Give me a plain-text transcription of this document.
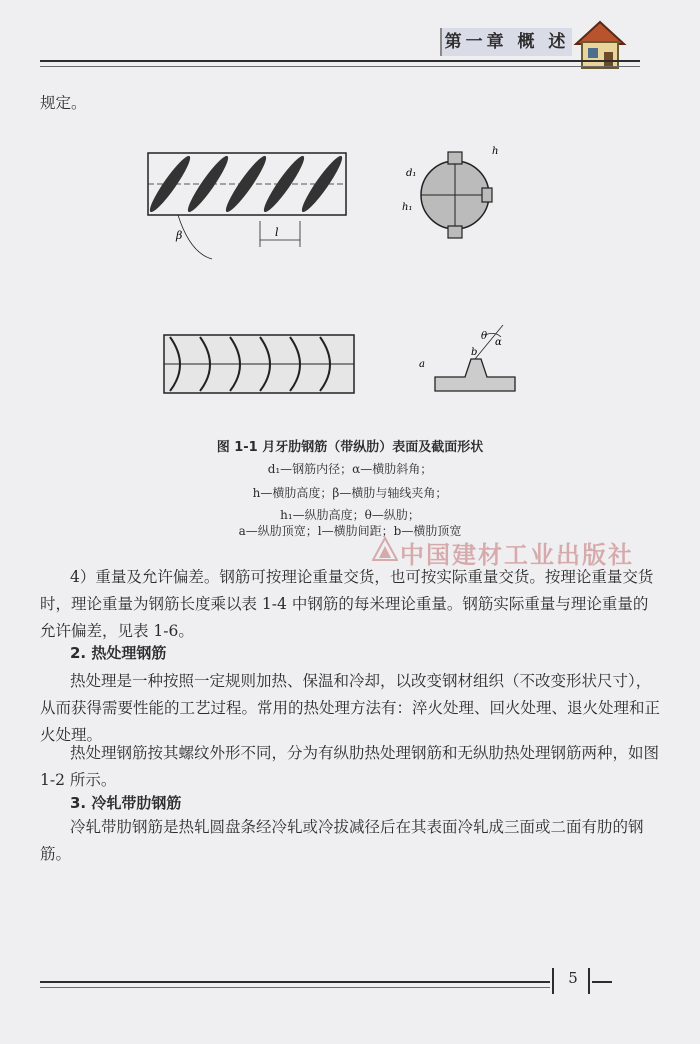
第一章 概 述
规定。
β	l
d₁
h
h₁
α
θ
a
b
图 1-1 月牙肋钢筋（带纵肋）表面及截面形状
d₁—钢筋内径；α—横肋斜角；
h—横肋高度；β—横肋与轴线夹角；
h₁—纵肋高度；θ—纵肋；
a—纵肋顶宽；l—横肋间距；b—横肋顶宽
中国建材工业出版社
4）重量及允许偏差。钢筋可按理论重量交货，也可按实际重量交货。按理论重量交货时，理论重量为钢筋长度乘以表 1-4 中钢筋的每米理论重量。钢筋实际重量与理论重量的允许偏差，见表 1-6。
2. 热处理钢筋
热处理是一种按照一定规则加热、保温和冷却，以改变钢材组织（不改变形状尺寸），从而获得需要性能的工艺过程。常用的热处理方法有：淬火处理、回火处理、退火处理和正火处理。
热处理钢筋按其螺纹外形不同，分为有纵肋热处理钢筋和无纵肋热处理钢筋两种，如图 1-2 所示。
3. 冷轧带肋钢筋
冷轧带肋钢筋是热轧圆盘条经冷轧或冷拔减径后在其表面冷轧成三面或二面有肋的钢筋。
5
